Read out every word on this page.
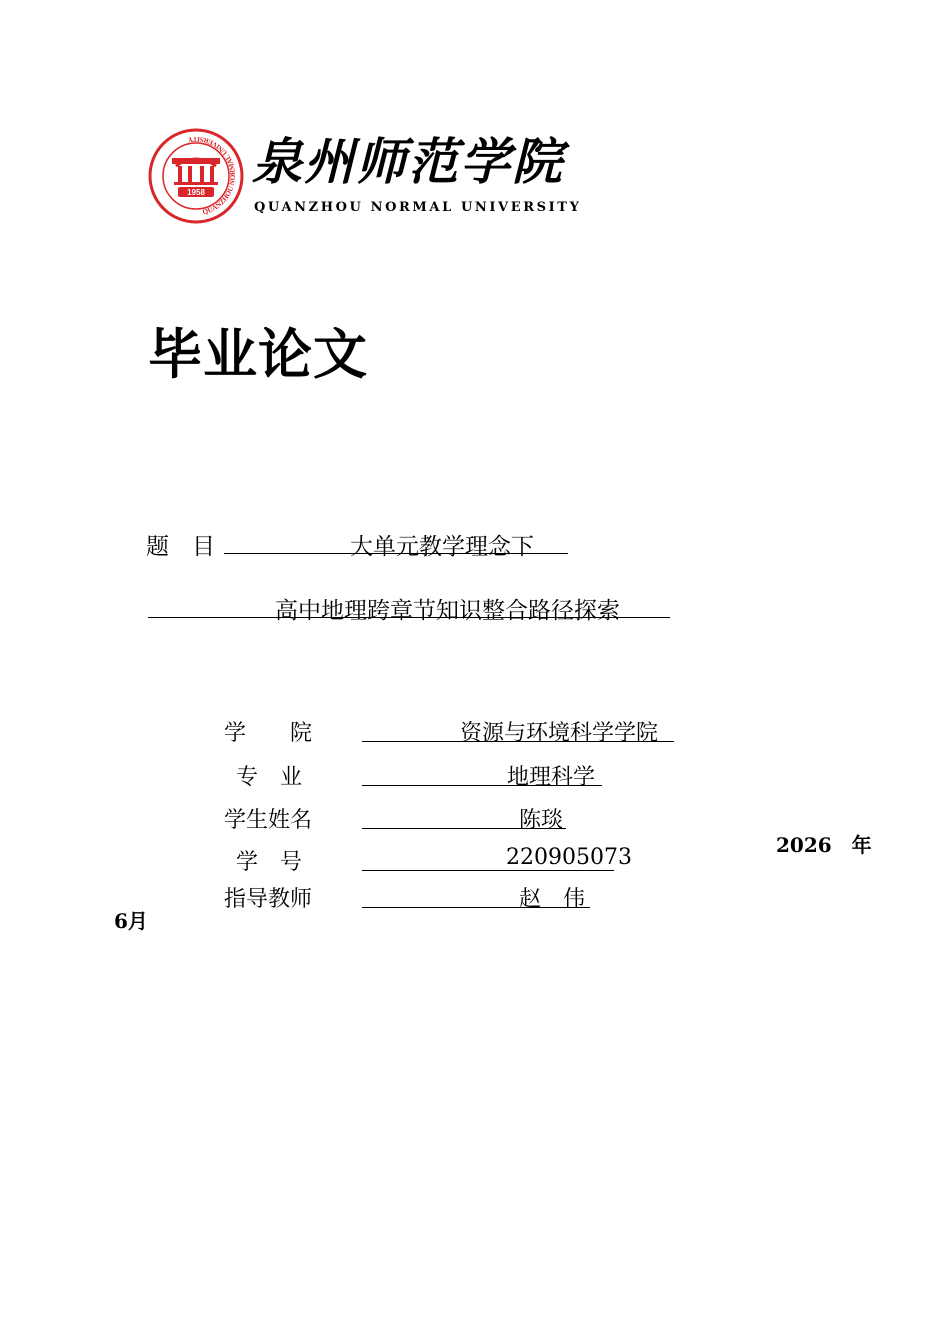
QUANZHOU NORMAL UNIVERSITY
1958
泉州师范学院
QUANZHOU NORMAL UNIVERSITY
毕业论文
题　目	大单元教学理念下
高中地理跨章节知识整合路径探索
学　　院	资源与环境科学学院
专　业	地理科学
学生姓名	陈琰
学　号	220905073
指导教师	赵　伟
2026　年
6月
